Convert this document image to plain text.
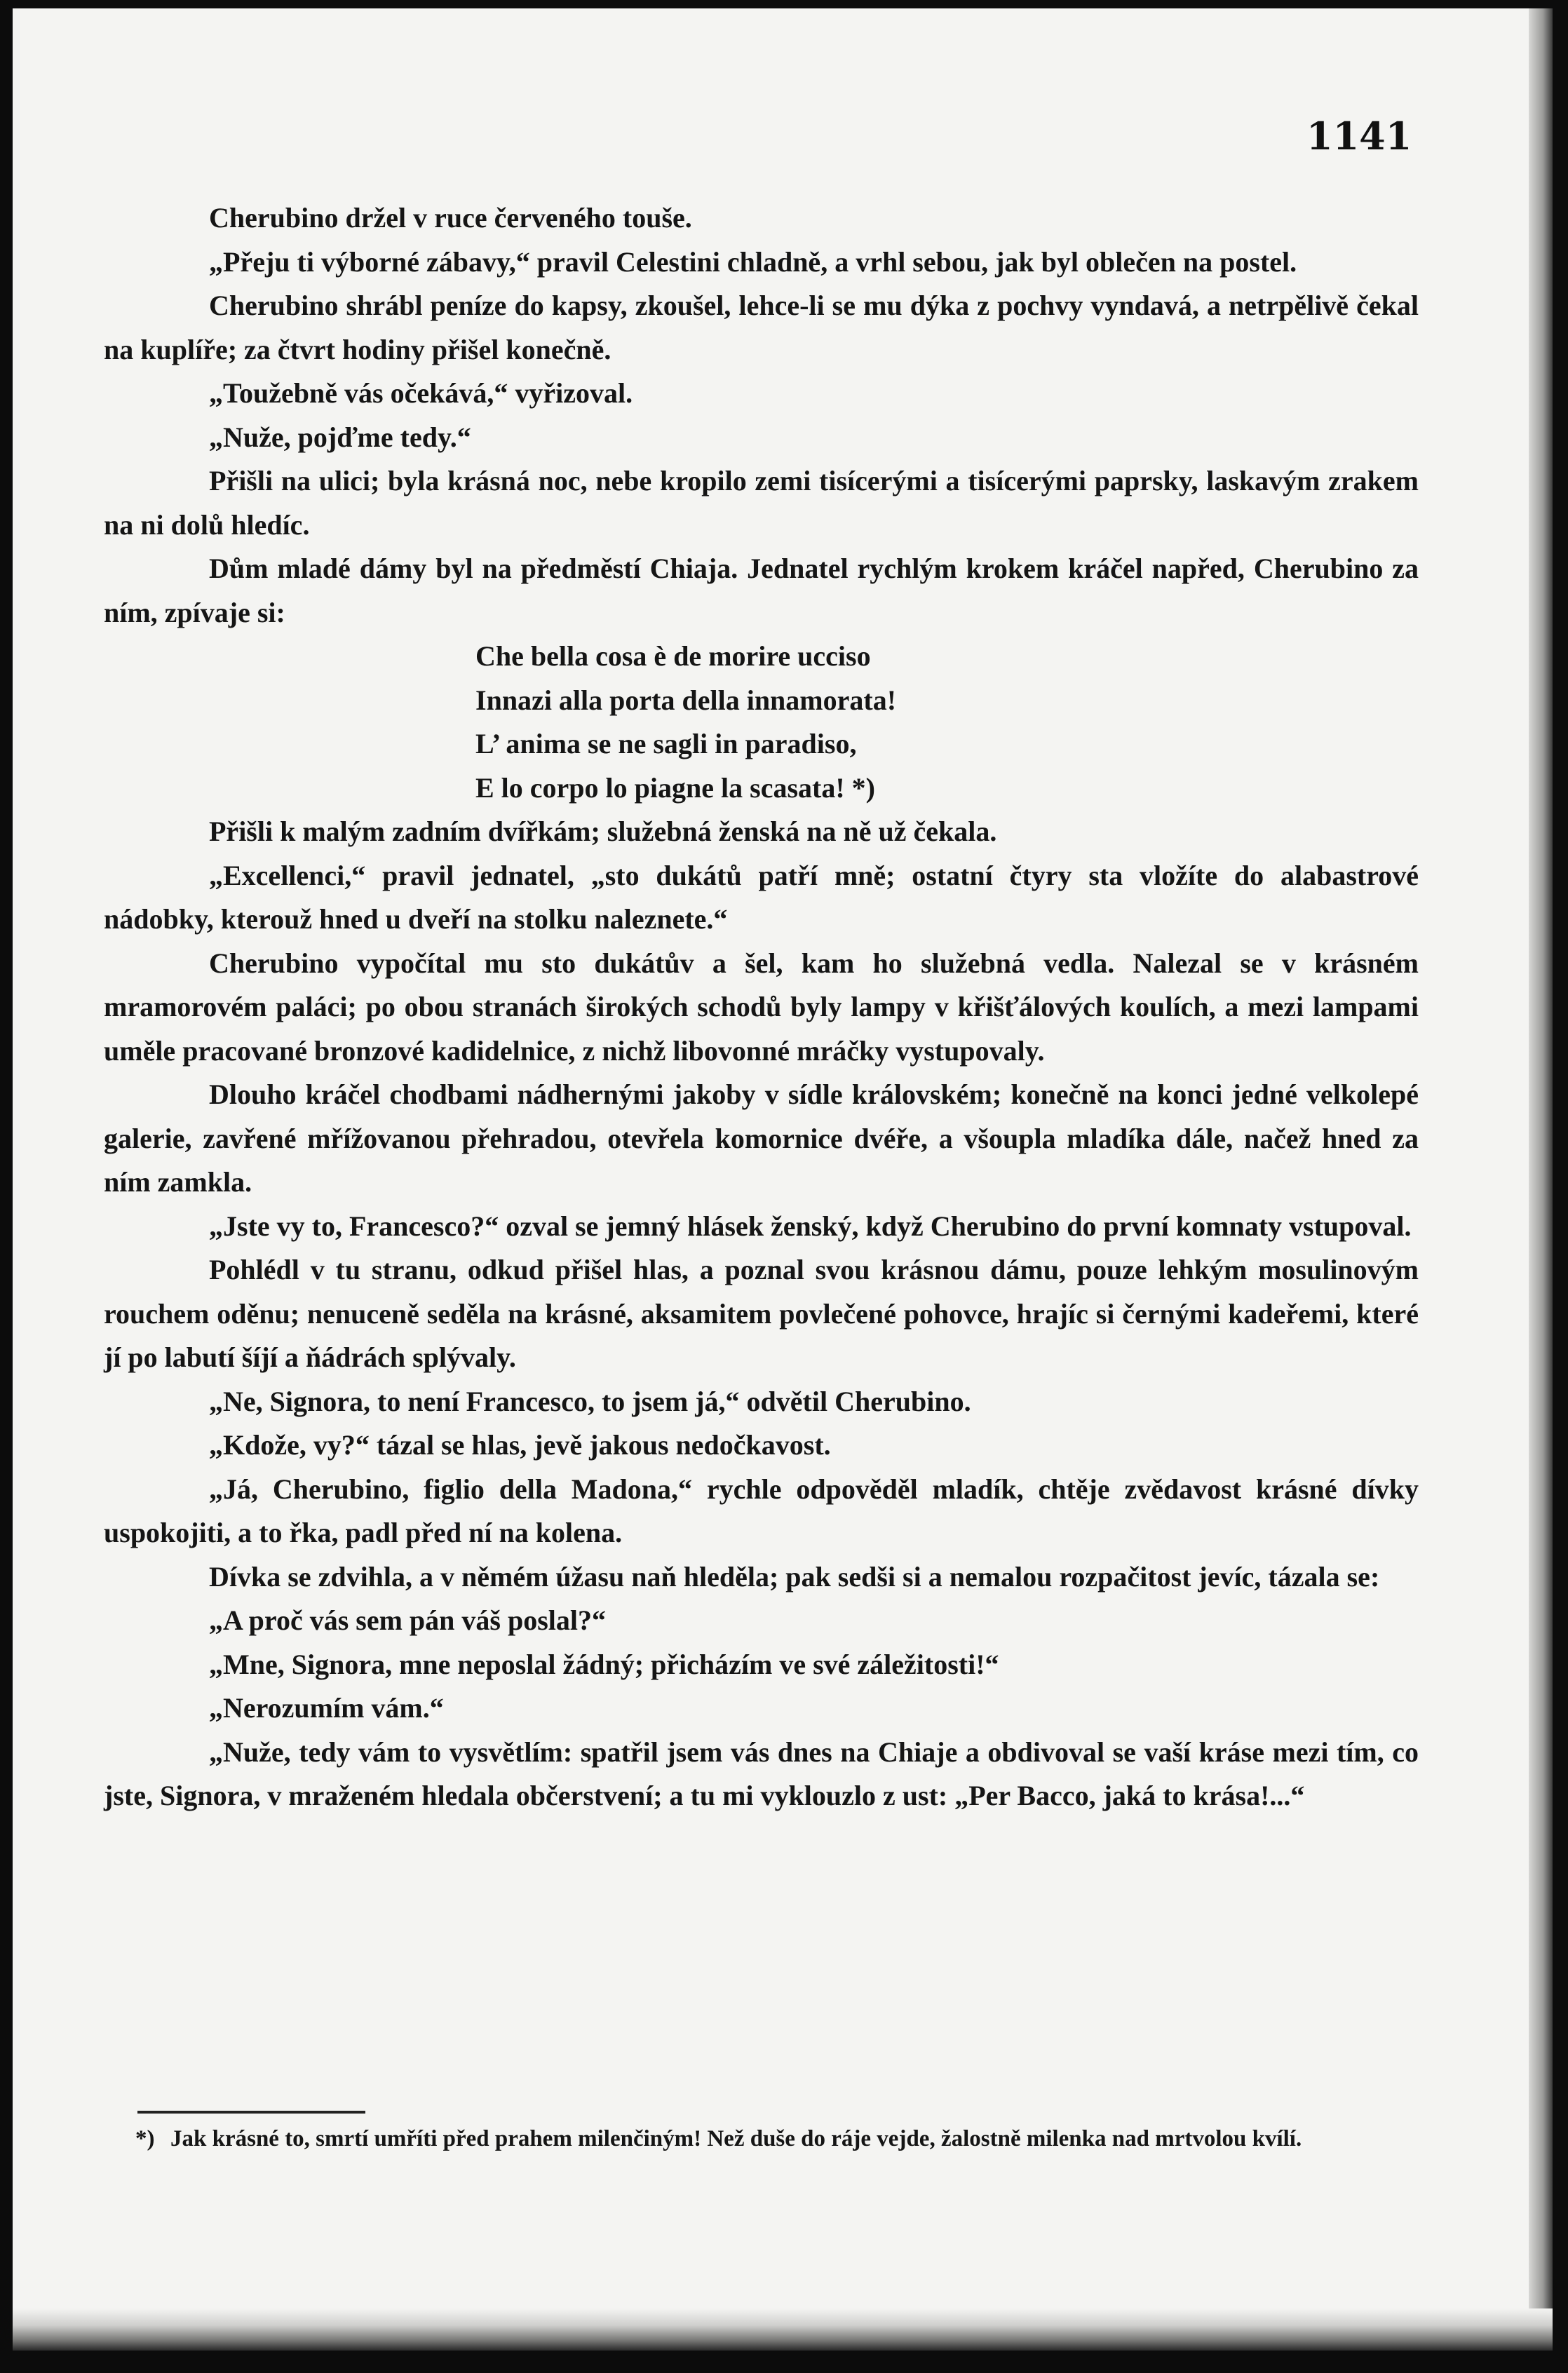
1141

Cherubino držel v ruce červeného touše.

„Přeju ti výborné zábavy,“ pravil Celestini chladně, a vrhl sebou, jak byl oblečen na postel.

Cherubino shrábl peníze do kapsy, zkoušel, lehce-li se mu dýka z pochvy vyndavá, a netrpělivě čekal na kuplíře; za čtvrt hodiny přišel konečně.

„Toužebně vás očekává,“ vyřizoval.

„Nuže, pojďme tedy.“

Přišli na ulici; byla krásná noc, nebe kropilo zemi tisícerými a tisícerými paprsky, laskavým zrakem na ni dolů hledíc.

Dům mladé dámy byl na předměstí Chiaja. Jednatel rychlým krokem kráčel napřed, Cherubino za ním, zpívaje si:

Che bella cosa è de morire ucciso
Innazi alla porta della innamorata!
L’ anima se ne sagli in paradiso,
E lo corpo lo piagne la scasata! *)

Přišli k malým zadním dvířkám; služebná ženská na ně už čekala.

„Excellenci,“ pravil jednatel, „sto dukátů patří mně; ostatní čtyry sta vložíte do alabastrové nádobky, kterouž hned u dveří na stolku naleznete.“

Cherubino vypočítal mu sto dukátův a šel, kam ho služebná vedla. Nalezal se v krásném mramorovém paláci; po obou stranách širokých schodů byly lampy v křišťálových koulích, a mezi lampami uměle pracované bronzové kadidelnice, z nichž libovonné mráčky vystupovaly.

Dlouho kráčel chodbami nádhernými jakoby v sídle královském; konečně na konci jedné velkolepé galerie, zavřené mřížovanou přehradou, otevřela komornice dvéře, a všoupla mladíka dále, načež hned za ním zamkla.

„Jste vy to, Francesco?“ ozval se jemný hlásek ženský, když Cherubino do první komnaty vstupoval.

Pohlédl v tu stranu, odkud přišel hlas, a poznal svou krásnou dámu, pouze lehkým mosulinovým rouchem oděnu; nenuceně seděla na krásné, aksamitem povlečené pohovce, hrajíc si černými kadeřemi, které jí po labutí šíjí a ňádrách splývaly.

„Ne, Signora, to není Francesco, to jsem já,“ odvětil Cherubino.

„Kdože, vy?“ tázal se hlas, jevě jakous nedočkavost.

„Já, Cherubino, figlio della Madona,“ rychle odpověděl mladík, chtěje zvědavost krásné dívky uspokojiti, a to řka, padl před ní na kolena.

Dívka se zdvihla, a v němém úžasu naň hleděla; pak sedši si a nemalou rozpačitost jevíc, tázala se:

„A proč vás sem pán váš poslal?“

„Mne, Signora, mne neposlal žádný; přicházím ve své záležitosti!“

„Nerozumím vám.“

„Nuže, tedy vám to vysvětlím: spatřil jsem vás dnes na Chiaje a obdivoval se vaší kráse mezi tím, co jste, Signora, v mraženém hledala občerstvení; a tu mi vyklouzlo z ust: „Per Bacco, jaká to krása!...“

*) Jak krásné to, smrtí umříti před prahem milenčiným! Než duše do ráje vejde, žalostně milenka nad mrtvolou kvílí.
